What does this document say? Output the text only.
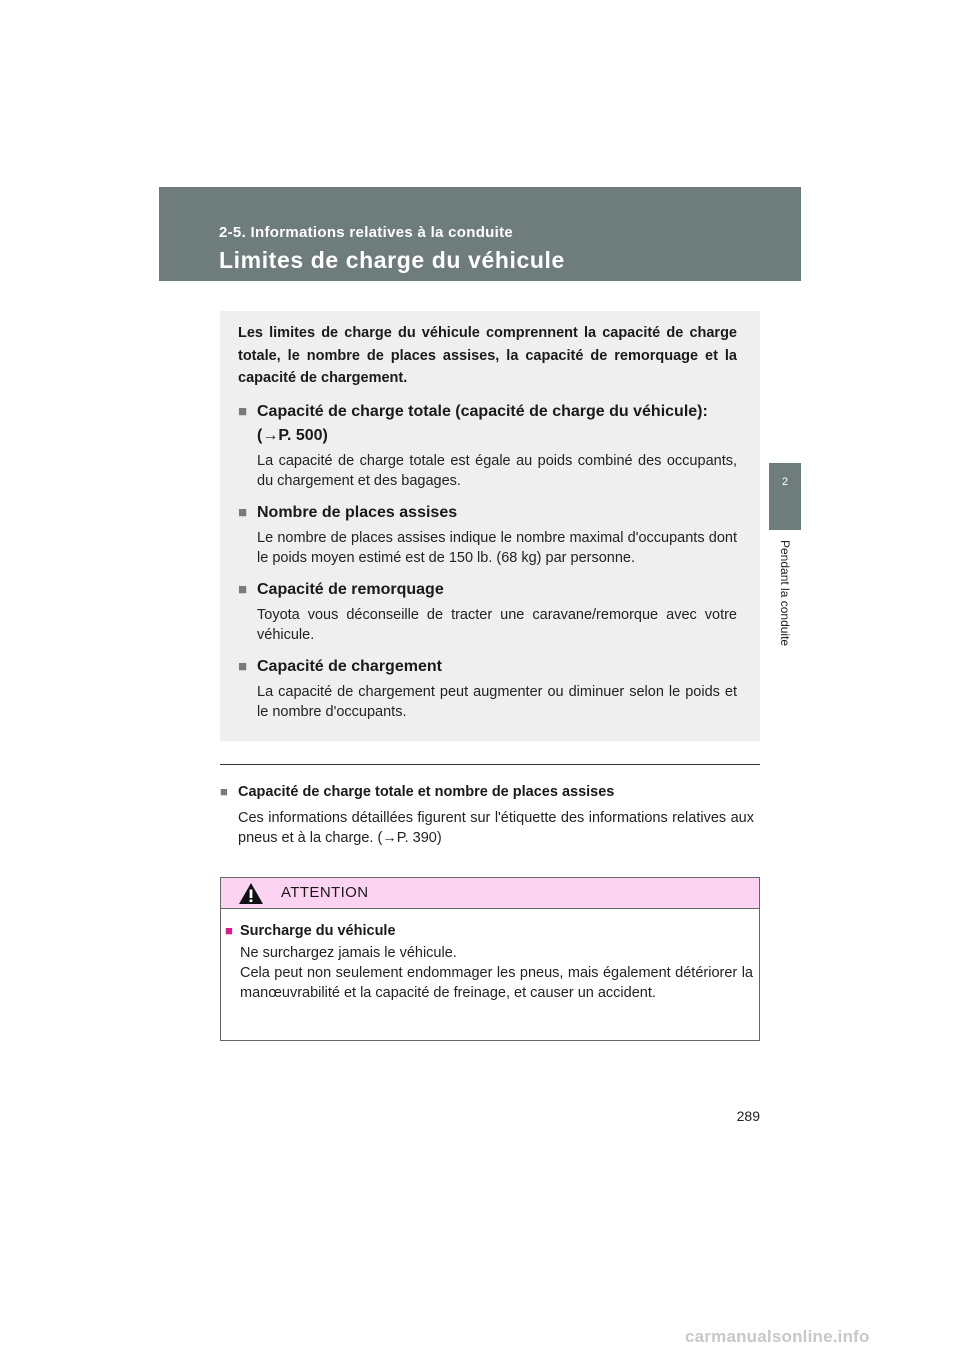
2-5. Informations relatives à la conduite
Limites de charge du véhicule
2
Pendant la conduite

Les limites de charge du véhicule comprennent la capacité de charge totale, le nombre de places assises, la capacité de remorquage et la capacité de chargement.

■ Capacité de charge totale (capacité de charge du véhicule): (→P. 500)
La capacité de charge totale est égale au poids combiné des occupants, du chargement et des bagages.
■ Nombre de places assises
Le nombre de places assises indique le nombre maximal d'occupants dont le poids moyen estimé est de 150 lb. (68 kg) par personne.
■ Capacité de remorquage
Toyota vous déconseille de tracter une caravane/remorque avec votre véhicule.
■ Capacité de chargement
La capacité de chargement peut augmenter ou diminuer selon le poids et le nombre d'occupants.
■ Capacité de charge totale et nombre de places assises
Ces informations détaillées figurent sur l'étiquette des informations relatives aux pneus et à la charge. (→P. 390)
ATTENTION
■ Surcharge du véhicule
Ne surchargez jamais le véhicule.
Cela peut non seulement endommager les pneus, mais également détériorer la manœuvrabilité et la capacité de freinage, et causer un accident.
289
carmanualsonline.info
